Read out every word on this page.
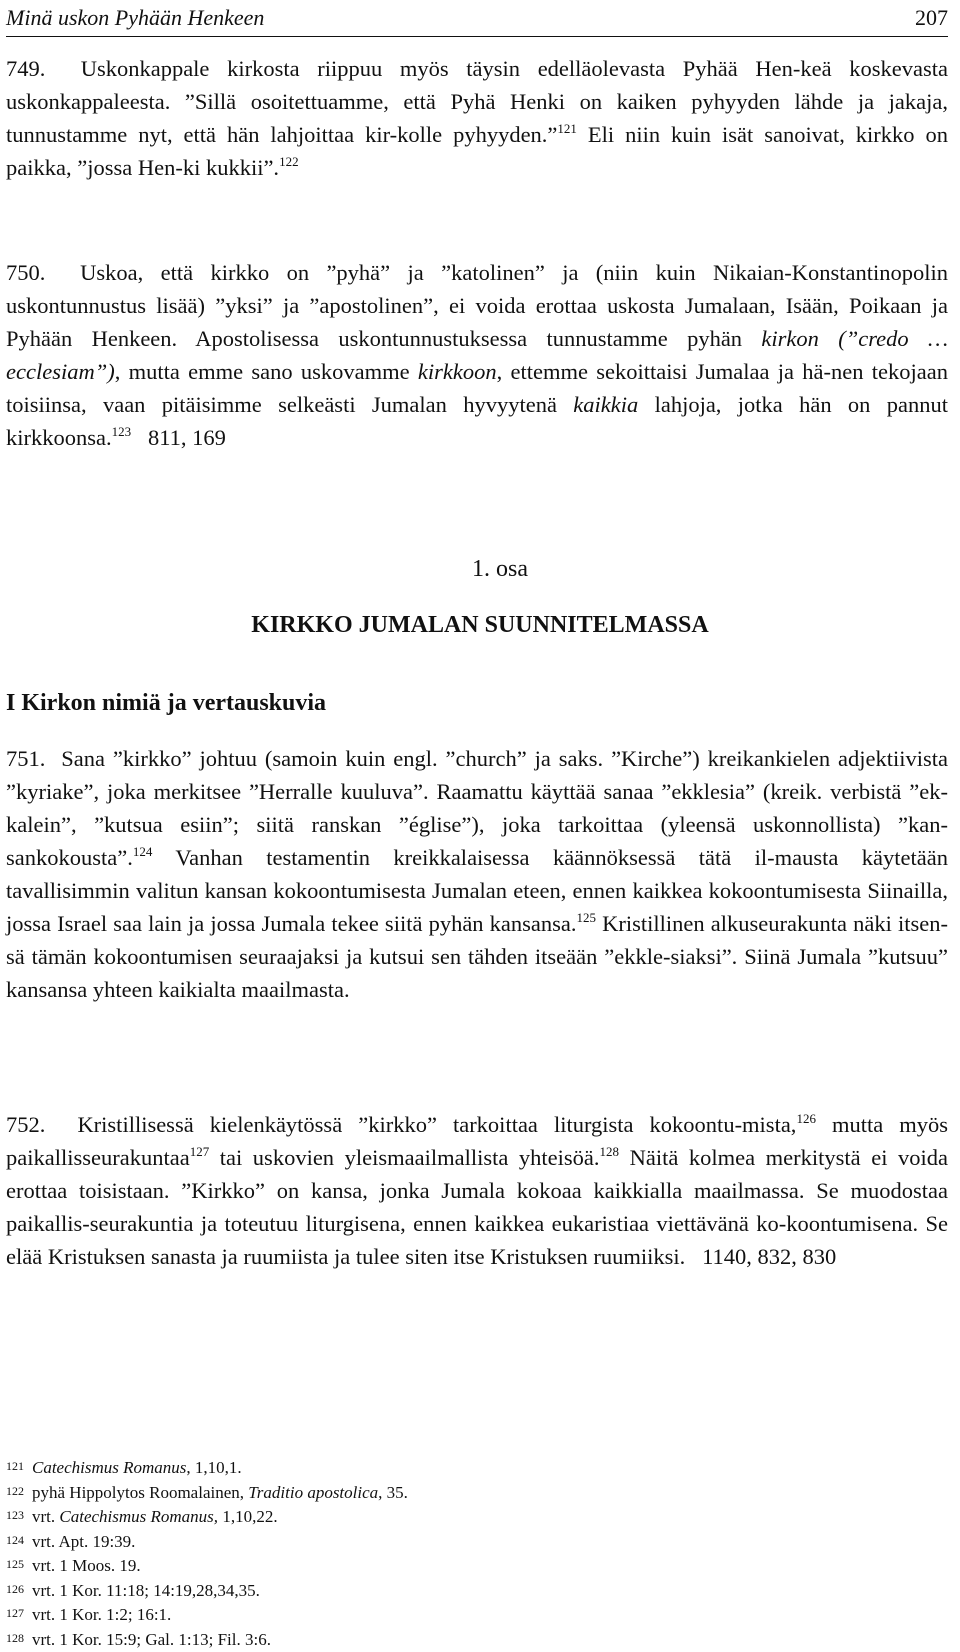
Minä uskon Pyhään Henkeen	207

749. Uskonkappale kirkosta riippuu myös täysin edelläolevasta Pyhää Hen-keä koskevasta uskonkappaleesta. ”Sillä osoitettuamme, että Pyhä Henki on kaiken pyhyyden lähde ja jakaja, tunnustamme nyt, että hän lahjoittaa kir-kolle pyhyyden.”$^{121}$ Eli niin kuin isät sanoivat, kirkko on paikka, ”jossa Hen-ki kukkii”.$^{122}$

750. Uskoa, että kirkko on ”pyhä” ja ”katolinen” ja (niin kuin Nikaian-Konstantinopolin uskontunnustus lisää) ”yksi” ja ”apostolinen”, ei voida erottaa uskosta Jumalaan, Isään, Poikaan ja Pyhään Henkeen. Apostolisessa uskontunnustuksessa tunnustamme pyhän kirkon (”credo … ecclesiam”), mutta emme sano uskovamme kirkkoon, ettemme sekoittaisi Jumalaa ja hä-nen tekojaan toisiinsa, vaan pitäisimme selkeästi Jumalan hyvyytenä kaikkia lahjoja, jotka hän on pannut kirkkoonsa.$^{123}$ 811, 169

1. osa
KIRKKO JUMALAN SUUNNITELMASSA
I Kirkon nimiä ja vertauskuvia

751. Sana ”kirkko” johtuu (samoin kuin engl. ”church” ja saks. ”Kirche”) kreikankielen adjektiivista ”kyriake”, joka merkitsee ”Herralle kuuluva”. Raamattu käyttää sanaa ”ekklesia” (kreik. verbistä ”ek-kalein”, ”kutsua esiin”; siitä ranskan ”église”), joka tarkoittaa (yleensä uskonnollista) ”kan-sankokousta”.$^{124}$ Vanhan testamentin kreikkalaisessa käännöksessä tätä il-mausta käytetään tavallisimmin valitun kansan kokoontumisesta Jumalan eteen, ennen kaikkea kokoontumisesta Siinailla, jossa Israel saa lain ja jossa Jumala tekee siitä pyhän kansansa.$^{125}$ Kristillinen alkuseurakunta näki itsen-sä tämän kokoontumisen seuraajaksi ja kutsui sen tähden itseään ”ekkle-siaksi”. Siinä Jumala ”kutsuu” kansansa yhteen kaikialta maailmasta.

752. Kristillisessä kielenkäytössä ”kirkko” tarkoittaa liturgista kokoontu-mista,$^{126}$ mutta myös paikallisseurakuntaa$^{127}$ tai uskovien yleismaailmallista yhteisöä.$^{128}$ Näitä kolmea merkitystä ei voida erottaa toisistaan. ”Kirkko” on kansa, jonka Jumala kokoaa kaikkialla maailmassa. Se muodostaa paikallis-seurakuntia ja toteutuu liturgisena, ennen kaikkea eukaristiaa viettävänä ko-koontumisena. Se elää Kristuksen sanasta ja ruumiista ja tulee siten itse Kristuksen ruumiiksi. 1140, 832, 830

121 Catechismus Romanus, 1,10,1.
122 pyhä Hippolytos Roomalainen, Traditio apostolica, 35.
123 vrt. Catechismus Romanus, 1,10,22.
124 vrt. Apt. 19:39.
125 vrt. 1 Moos. 19.
126 vrt. 1 Kor. 11:18; 14:19,28,34,35.
127 vrt. 1 Kor. 1:2; 16:1.
128 vrt. 1 Kor. 15:9; Gal. 1:13; Fil. 3:6.
